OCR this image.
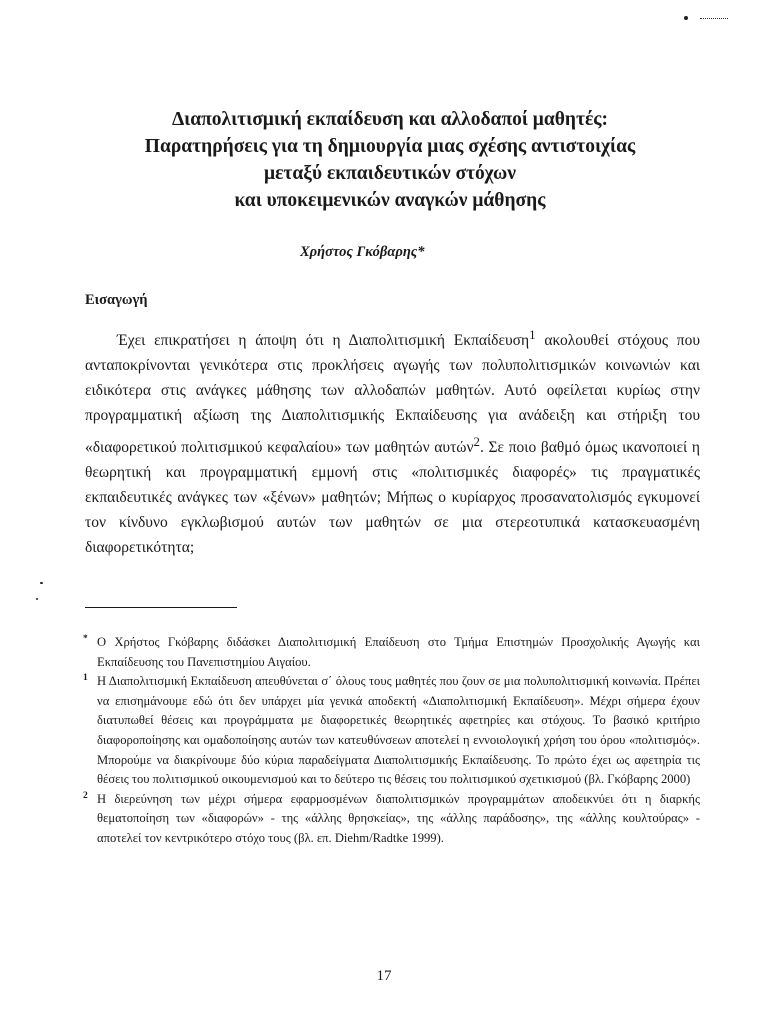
Διαπολιτισμική εκπαίδευση και αλλοδαποί μαθητές:
Παρατηρήσεις για τη δημιουργία μιας σχέσης αντιστοιχίας
μεταξύ εκπαιδευτικών στόχων
και υποκειμενικών αναγκών μάθησης
Χρήστος Γκόβαρης*
Εισαγωγή

Έχει επικρατήσει η άποψη ότι η Διαπολιτισμική Εκπαίδευση$^1$ ακολουθεί στόχους που ανταποκρίνονται γενικότερα στις προκλήσεις αγωγής των πολυπολιτισμικών κοινωνιών και ειδικότερα στις ανάγκες μάθησης των αλλοδαπών μαθητών. Αυτό οφείλεται κυρίως στην προγραμματική αξίωση της Διαπολιτισμικής Εκπαίδευσης για ανάδειξη και στήριξη του «διαφορετικού πολιτισμικού κεφαλαίου» των μαθητών αυτών$^2$. Σε ποιο βαθμό όμως ικανοποιεί η θεωρητική και προγραμματική εμμονή στις «πολιτισμικές διαφορές» τις πραγματικές εκπαιδευτικές ανάγκες των «ξένων» μαθητών; Μήπως ο κυρίαρχος προσανατολισμός εγκυμονεί τον κίνδυνο εγκλωβισμού αυτών των μαθητών σε μια στερεοτυπικά κατασκευασμένη διαφορετικότητα;

* Ο Χρήστος Γκόβαρης διδάσκει Διαπολιτισμική Επαίδευση στο Τμήμα Επιστημών Προσχολικής Αγωγής και Εκπαίδευσης του Πανεπιστημίου Αιγαίου.
1 Η Διαπολιτισμική Εκπαίδευση απευθύνεται σ΄ όλους τους μαθητές που ζουν σε μια πολυπολιτισμική κοινωνία. Πρέπει να επισημάνουμε εδώ ότι δεν υπάρχει μία γενικά αποδεκτή «Διαπολιτισμική Εκπαίδευση». Μέχρι σήμερα έχουν διατυπωθεί θέσεις και προγράμματα με διαφορετικές θεωρητικές αφετηρίες και στόχους. Το βασικό κριτήριο διαφοροποίησης και ομαδοποίησης αυτών των κατευθύνσεων αποτελεί η εννοιολογική χρήση του όρου «πολιτισμός». Μπορούμε να διακρίνουμε δύο κύρια παραδείγματα Διαπολιτισμικής Εκπαίδευσης. Το πρώτο έχει ως αφετηρία τις θέσεις του πολιτισμικού οικουμενισμού και το δεύτερο τις θέσεις του πολιτισμικού σχετικισμού (βλ. Γκόβαρης 2000)
2 Η διερεύνηση των μέχρι σήμερα εφαρμοσμένων διαπολιτισμικών προγραμμάτων αποδεικνύει ότι η διαρκής θεματοποίηση των «διαφορών» - της «άλλης θρησκείας», της «άλλης παράδοσης», της «άλλης κουλτούρας» - αποτελεί τον κεντρικότερο στόχο τους (βλ. επ. Diehm/Radtke 1999).
17
